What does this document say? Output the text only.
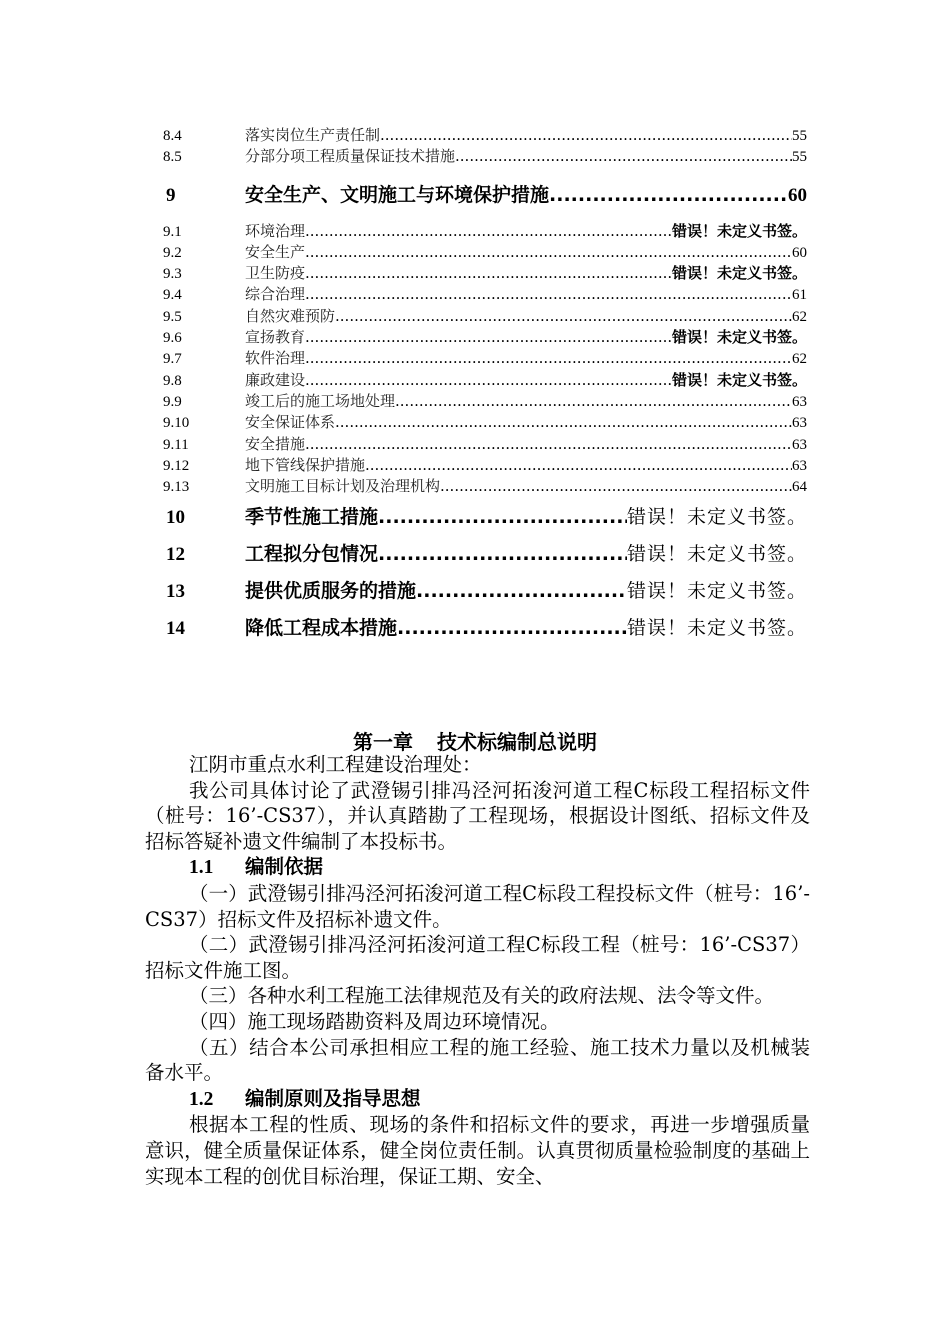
8.4	落实岗位生产责任制 .....	55
8.5	分部分项工程质量保证技术措施 .....	55
9	安全生产、文明施工与环境保护措施 .....	60
9.1	环境治理 .....	错误！未定义书签。
9.2	安全生产 .....	60
9.3	卫生防疫 .....	错误！未定义书签。
9.4	综合治理 .....	61
9.5	自然灾难预防 .....	62
9.6	宣扬教育 .....	错误！未定义书签。
9.7	软件治理 .....	62
9.8	廉政建设 .....	错误！未定义书签。
9.9	竣工后的施工场地处理 .....	63
9.10	安全保证体系 .....	63
9.11	安全措施 .....	63
9.12	地下管线保护措施 .....	63
9.13	文明施工目标计划及治理机构 .....	64
10	季节性施工措施 .....	错误！未定义书签。
12	工程拟分包情况 .....	错误！未定义书签。
13	提供优质服务的措施 .....	错误！未定义书签。
14	降低工程成本措施 .....	错误！未定义书签。
第一章 技术标编制总说明

江阴市重点水利工程建设治理处：

我公司具体讨论了武澄锡引排冯泾河拓浚河道工程C标段工程招标文件（桩号：16’-CS37），并认真踏勘了工程现场，根据设计图纸、招标文件及招标答疑补遗文件编制了本投标书。

1.1 编制依据

（一）武澄锡引排冯泾河拓浚河道工程C标段工程投标文件（桩号：16’-CS37）招标文件及招标补遗文件。

（二）武澄锡引排冯泾河拓浚河道工程C标段工程（桩号：16’-CS37）招标文件施工图。

（三）各种水利工程施工法律规范及有关的政府法规、法令等文件。

（四）施工现场踏勘资料及周边环境情况。

（五）结合本公司承担相应工程的施工经验、施工技术力量以及机械装备水平。

1.2 编制原则及指导思想

根据本工程的性质、现场的条件和招标文件的要求，再进一步增强质量意识，健全质量保证体系，健全岗位责任制。认真贯彻质量检验制度的基础上实现本工程的创优目标治理，保证工期、安全、
